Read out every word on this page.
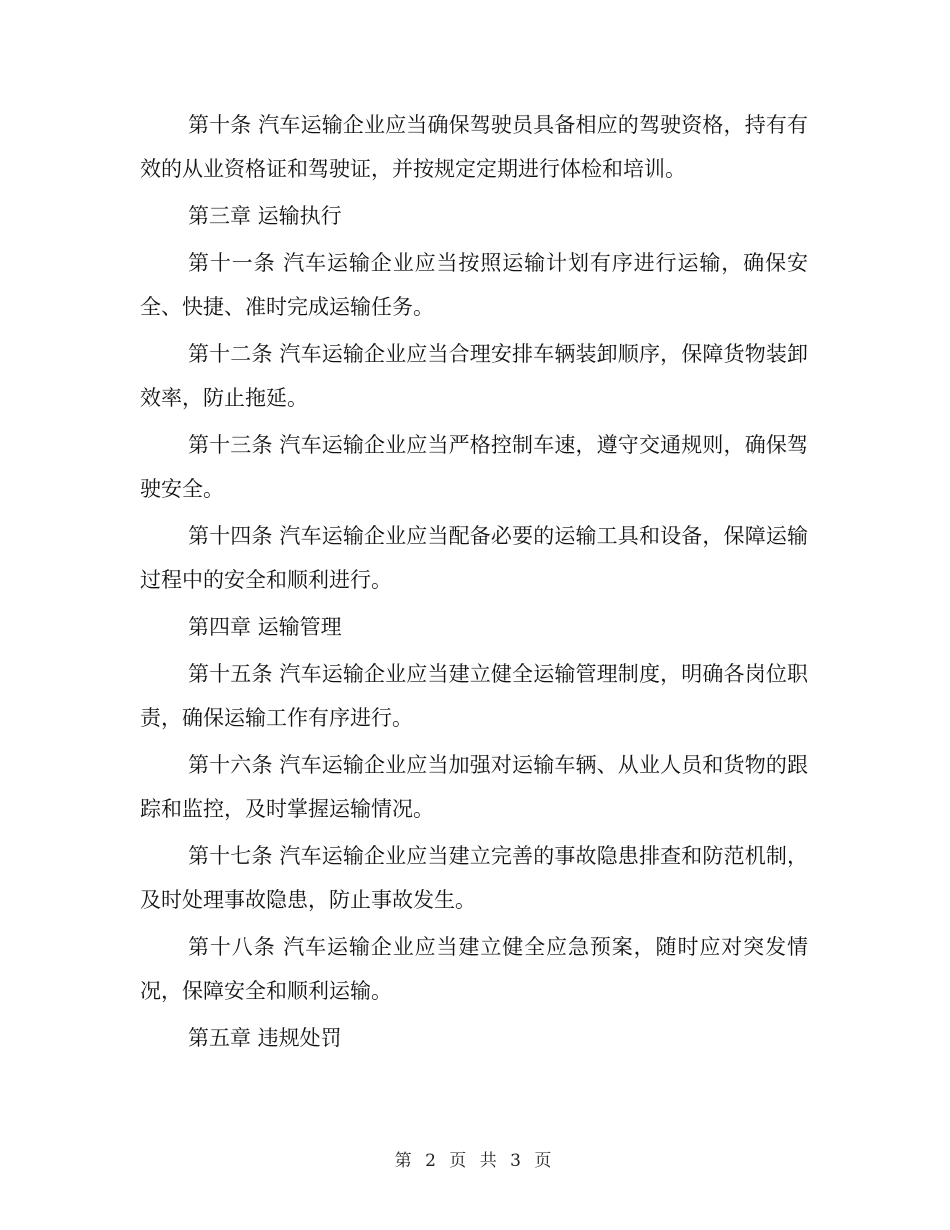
第十条 汽车运输企业应当确保驾驶员具备相应的驾驶资格，持有有效的从业资格证和驾驶证，并按规定定期进行体检和培训。

第三章 运输执行

第十一条 汽车运输企业应当按照运输计划有序进行运输，确保安全、快捷、准时完成运输任务。

第十二条 汽车运输企业应当合理安排车辆装卸顺序，保障货物装卸效率，防止拖延。

第十三条 汽车运输企业应当严格控制车速，遵守交通规则，确保驾驶安全。

第十四条 汽车运输企业应当配备必要的运输工具和设备，保障运输过程中的安全和顺利进行。

第四章 运输管理

第十五条 汽车运输企业应当建立健全运输管理制度，明确各岗位职责，确保运输工作有序进行。

第十六条 汽车运输企业应当加强对运输车辆、从业人员和货物的跟踪和监控，及时掌握运输情况。

第十七条 汽车运输企业应当建立完善的事故隐患排查和防范机制，及时处理事故隐患，防止事故发生。

第十八条 汽车运输企业应当建立健全应急预案，随时应对突发情况，保障安全和顺利运输。

第五章 违规处罚

第 2 页 共 3 页
